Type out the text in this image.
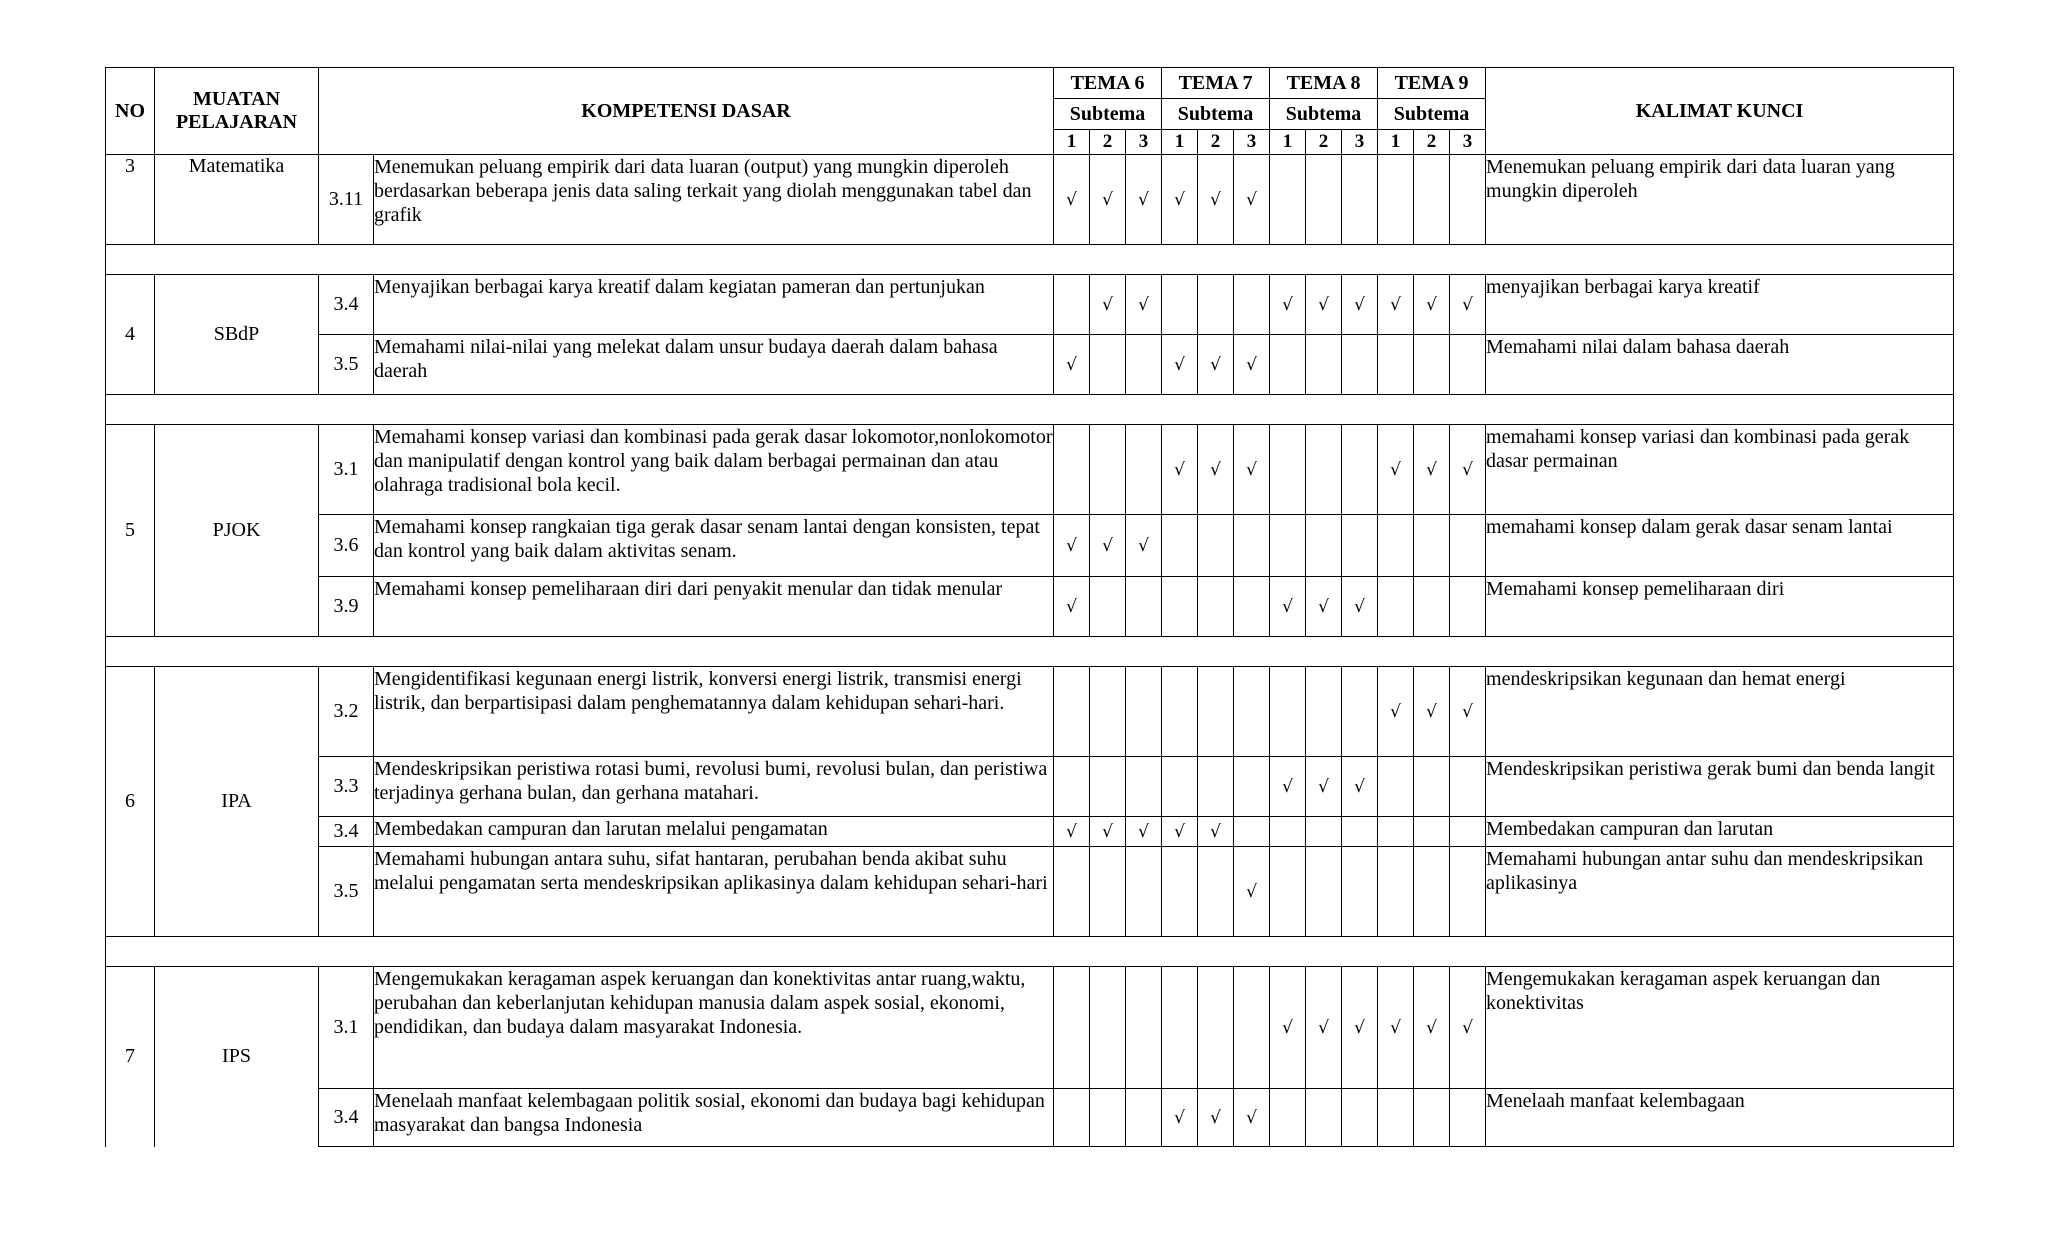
NO	MUATAN PELAJARAN	KOMPETENSI DASAR		TEMA 6			TEMA 7			TEMA 8			TEMA 9			KALIMAT KUNCI
				Subtema			Subtema			Subtema			Subtema			
				1	2	3	1	2	3	1	2	3	1	2	3	
3	Matematika	3.11	Menemukan peluang empirik dari data luaran (output) yang mungkin diperoleh berdasarkan beberapa jenis data saling terkait yang diolah menggunakan tabel dan grafik	√	√	√	√	√	√							Menemukan peluang empirik dari data luaran yang mungkin diperoleh

4	SBdP	3.4	Menyajikan berbagai karya kreatif dalam kegiatan pameran dan pertunjukan		√	√				√	√	√	√	√	√	menyajikan berbagai karya kreatif
		3.5	Memahami nilai-nilai yang melekat dalam unsur budaya daerah dalam bahasa daerah	√			√	√	√							Memahami nilai dalam bahasa daerah

5	PJOK	3.1	Memahami konsep variasi dan kombinasi pada gerak dasar lokomotor,nonlokomotor dan manipulatif dengan kontrol yang baik dalam berbagai permainan dan atau olahraga tradisional bola kecil.				√	√	√				√	√	√	memahami konsep variasi dan kombinasi pada gerak dasar permainan
		3.6	Memahami konsep rangkaian tiga gerak dasar senam lantai dengan konsisten, tepat dan kontrol yang baik dalam aktivitas senam.	√	√	√										memahami konsep dalam gerak dasar senam lantai
		3.9	Memahami konsep pemeliharaan diri dari penyakit menular dan tidak menular	√						√	√	√				Memahami konsep pemeliharaan diri

6	IPA	3.2	Mengidentifikasi kegunaan energi listrik, konversi energi listrik, transmisi energi listrik, dan berpartisipasi dalam penghematannya dalam kehidupan sehari-hari.										√	√	√	mendeskripsikan kegunaan dan hemat energi
		3.3	Mendeskripsikan peristiwa rotasi bumi, revolusi bumi, revolusi bulan, dan peristiwa terjadinya gerhana bulan, dan gerhana matahari.							√	√	√				Mendeskripsikan peristiwa gerak bumi dan benda langit
		3.4	Membedakan campuran dan larutan melalui pengamatan	√	√	√	√	√								Membedakan campuran dan larutan
		3.5	Memahami hubungan antara suhu, sifat hantaran, perubahan benda akibat suhu melalui pengamatan serta mendeskripsikan aplikasinya dalam kehidupan sehari-hari						√							Memahami hubungan antar suhu dan mendeskripsikan aplikasinya

7	IPS	3.1	Mengemukakan keragaman aspek keruangan dan konektivitas antar ruang,waktu, perubahan dan keberlanjutan kehidupan manusia dalam aspek sosial, ekonomi, pendidikan, dan budaya dalam masyarakat Indonesia.							√	√	√	√	√	√	Mengemukakan keragaman aspek keruangan dan konektivitas
		3.4	Menelaah manfaat kelembagaan politik sosial, ekonomi dan budaya bagi kehidupan masyarakat dan bangsa Indonesia				√	√	√							Menelaah manfaat kelembagaan
